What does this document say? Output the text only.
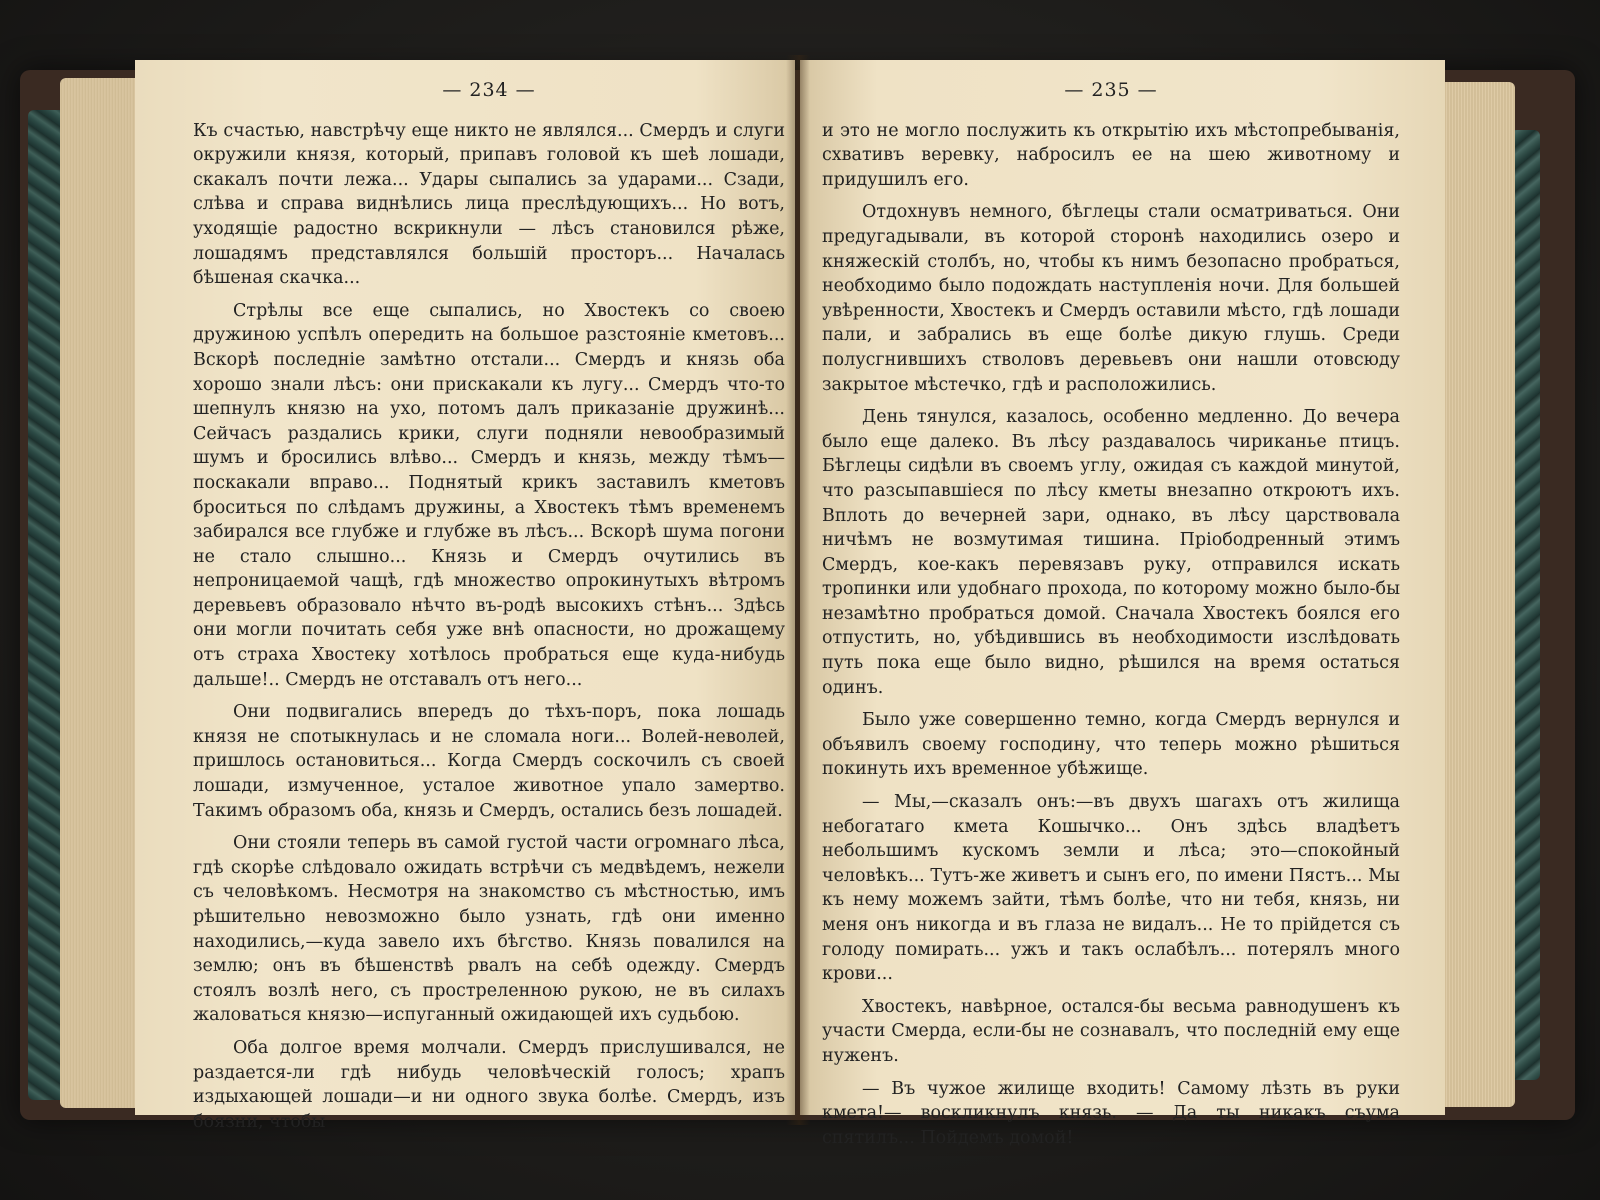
— 234 —

Къ счастью, навстрѣчу еще никто не являлся... Смердъ и слуги окружили князя, который, припавъ головой къ шеѣ лошади, скакалъ почти лежа... Удары сыпались за ударами... Сзади, слѣва и справа виднѣлись лица преслѣдующихъ... Но вотъ, уходящіе радостно вскрикнули — лѣсъ становился рѣже, лошадямъ представлялся большій просторъ... Началась бѣшеная скачка...

Стрѣлы все еще сыпались, но Хвостекъ со своею дружиною успѣлъ опередить на большое разстояніе кметовъ... Вскорѣ последніе замѣтно отстали... Смердъ и князь оба хорошо знали лѣсъ: они прискакали къ лугу... Смердъ что-то шепнулъ князю на ухо, потомъ далъ приказаніе дружинѣ... Сейчасъ раздались крики, слуги подняли невообразимый шумъ и бросились влѣво... Смердъ и князь, между тѣмъ—поскакали вправо... Поднятый крикъ заставилъ кметовъ броситься по слѣдамъ дружины, а Хвостекъ тѣмъ временемъ забирался все глубже и глубже въ лѣсъ... Вскорѣ шума погони не стало слышно... Князь и Смердъ очутились въ непроницаемой чащѣ, гдѣ множество опрокинутыхъ вѣтромъ деревьевъ образовало нѣчто въ-родѣ высокихъ стѣнъ... Здѣсь они могли почитать себя уже внѣ опасности, но дрожащему отъ страха Хвостеку хотѣлось пробраться еще куда-нибудь дальше!.. Смердъ не отставалъ отъ него...

Они подвигались впередъ до тѣхъ-поръ, пока лошадь князя не спотыкнулась и не сломала ноги... Волей-неволей, пришлось остановиться... Когда Смердъ соскочилъ съ своей лошади, измученное, усталое животное упало замертво. Такимъ образомъ оба, князь и Смердъ, остались безъ лошадей.

Они стояли теперь въ самой густой части огромнаго лѣса, гдѣ скорѣе слѣдовало ожидать встрѣчи съ медвѣдемъ, нежели съ человѣкомъ. Несмотря на знакомство съ мѣстностью, имъ рѣшительно невозможно было узнать, гдѣ они именно находились,—куда завело ихъ бѣгство. Князь повалился на землю; онъ въ бѣшенствѣ рвалъ на себѣ одежду. Смердъ стоялъ возлѣ него, съ простреленною рукою, не въ силахъ жаловаться князю—испуганный ожидающей ихъ судьбою.

Оба долгое время молчали. Смердъ прислушивался, не раздается-ли гдѣ нибудь человѣческій голосъ; храпъ издыхающей лошади—и ни одного звука болѣе. Смердъ, изъ боязни, чтобы

— 235 —

и это не могло послужить къ открытію ихъ мѣстопребыванія, схвативъ веревку, набросилъ ее на шею животному и придушилъ его.

Отдохнувъ немного, бѣглецы стали осматриваться. Они предугадывали, въ которой сторонѣ находились озеро и княжескій столбъ, но, чтобы къ нимъ безопасно пробраться, необходимо было подождать наступленія ночи. Для большей увѣренности, Хвостекъ и Смердъ оставили мѣсто, гдѣ лошади пали, и забрались въ еще болѣе дикую глушь. Среди полусгнившихъ стволовъ деревьевъ они нашли отовсюду закрытое мѣстечко, гдѣ и расположились.

День тянулся, казалось, особенно медленно. До вечера было еще далеко. Въ лѣсу раздавалось чириканье птицъ. Бѣглецы сидѣли въ своемъ углу, ожидая съ каждой минутой, что разсыпавшіеся по лѣсу кметы внезапно откроютъ ихъ. Вплоть до вечерней зари, однако, въ лѣсу царствовала ничѣмъ не возмутимая тишина. Пріободренный этимъ Смердъ, кое-какъ перевязавъ руку, отправился искать тропинки или удобнаго прохода, по которому можно было-бы незамѣтно пробраться домой. Сначала Хвостекъ боялся его отпустить, но, убѣдившись въ необходимости изслѣдовать путь пока еще было видно, рѣшился на время остаться одинъ.

Было уже совершенно темно, когда Смердъ вернулся и объявилъ своему господину, что теперь можно рѣшиться покинуть ихъ временное убѣжище.

— Мы,—сказалъ онъ:—въ двухъ шагахъ отъ жилища небогатаго кмета Кошычко... Онъ здѣсь владѣетъ небольшимъ кускомъ земли и лѣса; это—спокойный человѣкъ... Тутъ-же живетъ и сынъ его, по имени Пястъ... Мы къ нему можемъ зайти, тѣмъ болѣе, что ни тебя, князь, ни меня онъ никогда и въ глаза не видалъ... Не то прійдется съ голоду помирать... ужъ и такъ ослабѣлъ... потерялъ много крови...

Хвостекъ, навѣрное, остался-бы весьма равнодушенъ къ участи Смерда, если-бы не сознавалъ, что последній ему еще нуженъ.

— Въ чужое жилище входить! Самому лѣзть въ руки кмета!— воскликнулъ князь. — Да ты никакъ съума спятилъ... Пойдемъ домой!
